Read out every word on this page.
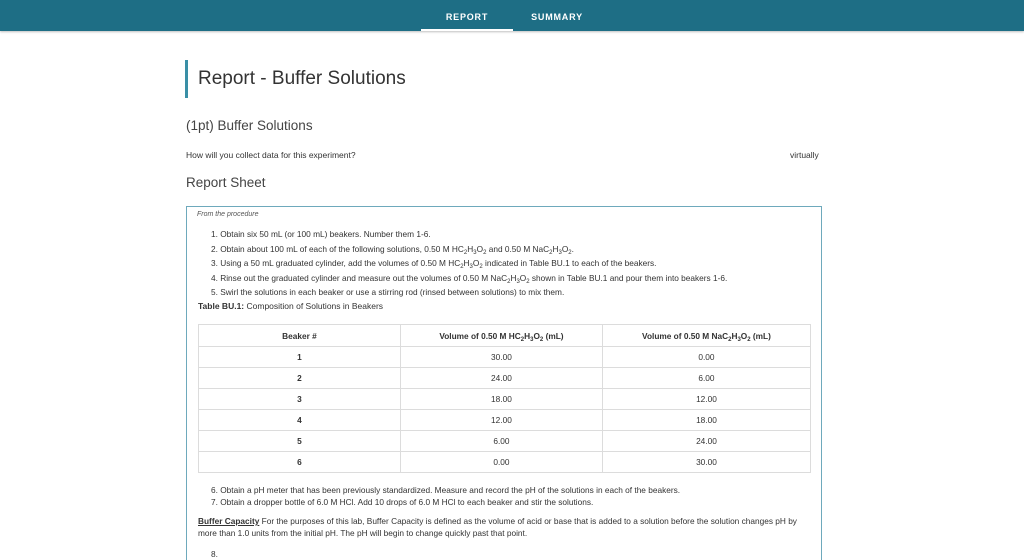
REPORT	SUMMARY
Report - Buffer Solutions
(1pt) Buffer Solutions
How will you collect data for this experiment?	virtually
Report Sheet
From the procedure
1. Obtain six 50 mL (or 100 mL) beakers. Number them 1-6.
2. Obtain about 100 mL of each of the following solutions, 0.50 M $HC_2H_3O_2$ and 0.50 M $NaC_2H_3O_2$.
3. Using a 50 mL graduated cylinder, add the volumes of 0.50 M $HC_2H_3O_2$ indicated in Table BU.1 to each of the beakers.
4. Rinse out the graduated cylinder and measure out the volumes of 0.50 M $NaC_2H_3O_2$ shown in Table BU.1 and pour them into beakers 1-6.
5. Swirl the solutions in each beaker or use a stirring rod (rinsed between solutions) to mix them.
Table BU.1: Composition of Solutions in Beakers
Beaker #	Volume of 0.50 M $HC_2H_3O_2$ (mL)	Volume of 0.50 M $NaC_2H_3O_2$ (mL)
1	30.00	0.00
2	24.00	6.00
3	18.00	12.00
4	12.00	18.00
5	6.00	24.00
6	0.00	30.00
6. Obtain a pH meter that has been previously standardized. Measure and record the pH of the solutions in each of the beakers.
7. Obtain a dropper bottle of 6.0 M HCl. Add 10 drops of 6.0 M HCl to each beaker and stir the solutions.
Buffer Capacity For the purposes of this lab, Buffer Capacity is defined as the volume of acid or base that is added to a solution before the solution changes pH by more than 1.0 units from the initial pH. The pH will begin to change quickly past that point.
8.
